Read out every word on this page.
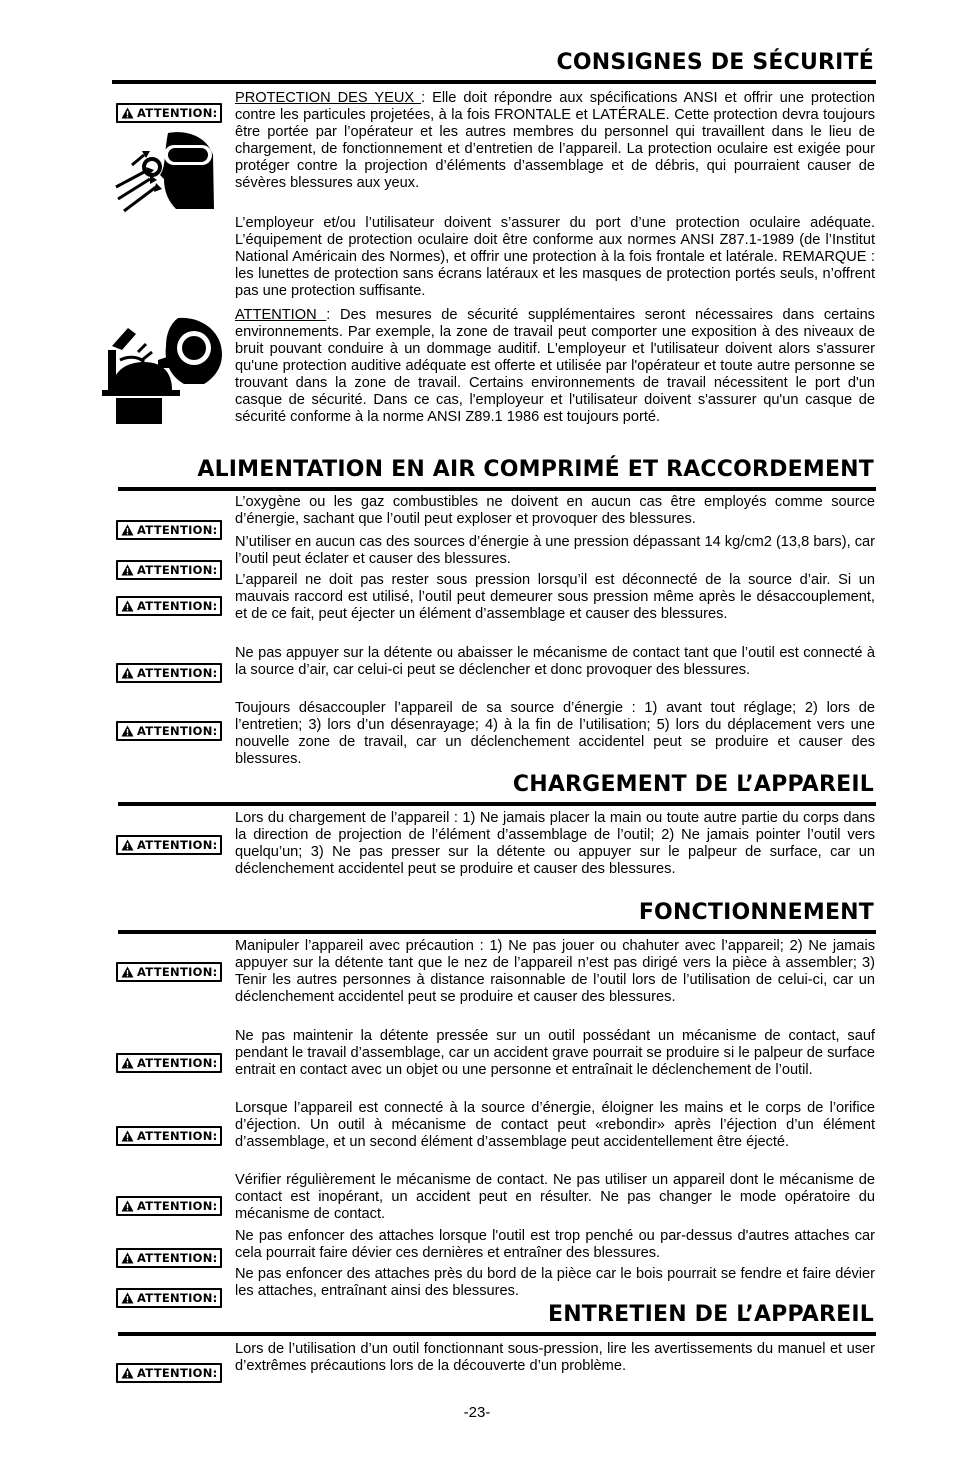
CONSIGNES DE SÉCURITÉ
PROTECTION DES YEUX : Elle doit répondre aux spécifications ANSI et offrir une protection contre les particules projetées, à la fois FRONTALE et LATÉRALE. Cette protection devra toujours être portée par l’opérateur et les autres membres du personnel qui travaillent dans le lieu de chargement, de fonctionnement et d’entretien de l’appareil. La protection oculaire est exigée pour protéger contre la projection d’éléments d’assemblage et de débris, qui pourraient causer de sévères blessures aux yeux.
L’employeur et/ou l’utilisateur doivent s’assurer du port d’une protection oculaire adéquate. L’équipement de protection oculaire doit être conforme aux normes ANSI Z87.1-1989 (de l’Institut National Américain des Normes), et offrir une protection à la fois frontale et latérale. REMARQUE : les lunettes de protection sans écrans latéraux et les masques de protection portés seuls, n’offrent pas une protection suffisante.
ATTENTION : Des mesures de sécurité supplémentaires seront nécessaires dans certains environnements. Par exemple, la zone de travail peut comporter une exposition à des niveaux de bruit pouvant conduire à un dommage auditif. L'employeur et l'utilisateur doivent alors s'assurer qu'une protection auditive adéquate est offerte et utilisée par l'opérateur et toute autre personne se trouvant dans la zone de travail. Certains environnements de travail nécessitent le port d'un casque de sécurité. Dans ce cas, l'employeur et l'utilisateur doivent s'assurer qu'un casque de sécurité conforme à la norme ANSI Z89.1 1986 est toujours porté.
ALIMENTATION EN AIR COMPRIMÉ ET RACCORDEMENT
L’oxygène ou les gaz combustibles ne doivent en aucun cas être employés comme source d’énergie, sachant que l’outil peut exploser et provoquer des blessures.
N’utiliser en aucun cas des sources d’énergie à une pression dépassant 14 kg/cm2 (13,8 bars), car l’outil peut éclater et causer des blessures.
L’appareil ne doit pas rester sous pression lorsqu’il est déconnecté de la source d’air. Si un mauvais raccord est utilisé, l’outil peut demeurer sous pression même après le désaccouplement, et de ce fait, peut éjecter un élément d’assemblage et causer des blessures.
Ne pas appuyer sur la détente ou abaisser le mécanisme de contact tant que l’outil est connecté à la source d’air, car celui-ci peut se déclencher et donc provoquer des blessures.
Toujours désaccoupler l’appareil de sa source d’énergie : 1) avant tout réglage; 2) lors de l’entretien; 3) lors d’un désenrayage; 4) à la fin de l’utilisation; 5) lors du déplacement vers une nouvelle zone de travail, car un déclenchement accidentel peut se produire et causer des blessures.
CHARGEMENT DE L’APPAREIL
Lors du chargement de l’appareil : 1) Ne jamais placer la main ou toute autre partie du corps dans la direction de projection de l’élément d’assemblage de l’outil; 2) Ne jamais pointer l’outil vers quelqu’un; 3) Ne pas presser sur la détente ou appuyer sur le palpeur de surface, car un déclenchement accidentel peut se produire et causer des blessures.
FONCTIONNEMENT
Manipuler l’appareil avec précaution : 1) Ne pas jouer ou chahuter avec l’appareil; 2) Ne jamais appuyer sur la détente tant que le nez de l’appareil n’est pas dirigé vers la pièce à assembler; 3) Tenir les autres personnes à distance raisonnable de l’outil lors de l’utilisation de celui-ci, car un déclenchement accidentel peut se produire et causer des blessures.
Ne pas maintenir la détente pressée sur un outil possédant un mécanisme de contact, sauf pendant le travail d’assemblage, car un accident grave pourrait se produire si le palpeur de surface entrait en contact avec un objet ou une personne et entraînait le déclenchement de l’outil.
Lorsque l’appareil est connecté à la source d’énergie, éloigner les mains et le corps de l’orifice d’éjection. Un outil à mécanisme de contact peut «rebondir» après l’éjection d’un élément d’assemblage, et un second élément d’assemblage peut accidentellement être éjecté.
Vérifier régulièrement le mécanisme de contact. Ne pas utiliser un appareil dont le mécanisme de contact est inopérant, un accident peut en résulter. Ne pas changer le mode opératoire du mécanisme de contact.
Ne pas enfoncer des attaches lorsque l'outil est trop penché ou par-dessus d'autres attaches car cela pourrait faire dévier ces dernières et entraîner des blessures.
Ne pas enfoncer des attaches près du bord de la pièce car le bois pourrait se fendre et faire dévier les attaches, entraînant ainsi des blessures.
ENTRETIEN DE L’APPAREIL
Lors de l’utilisation d’un outil fonctionnant sous-pression, lire les avertissements du manuel et user d’extrêmes précautions lors de la découverte d’un problème.
ATTENTION:
ATTENTION:
ATTENTION:
ATTENTION:
ATTENTION:
ATTENTION:
ATTENTION:
ATTENTION:
ATTENTION:
ATTENTION:
ATTENTION:
ATTENTION:
ATTENTION:
ATTENTION:
-23-
